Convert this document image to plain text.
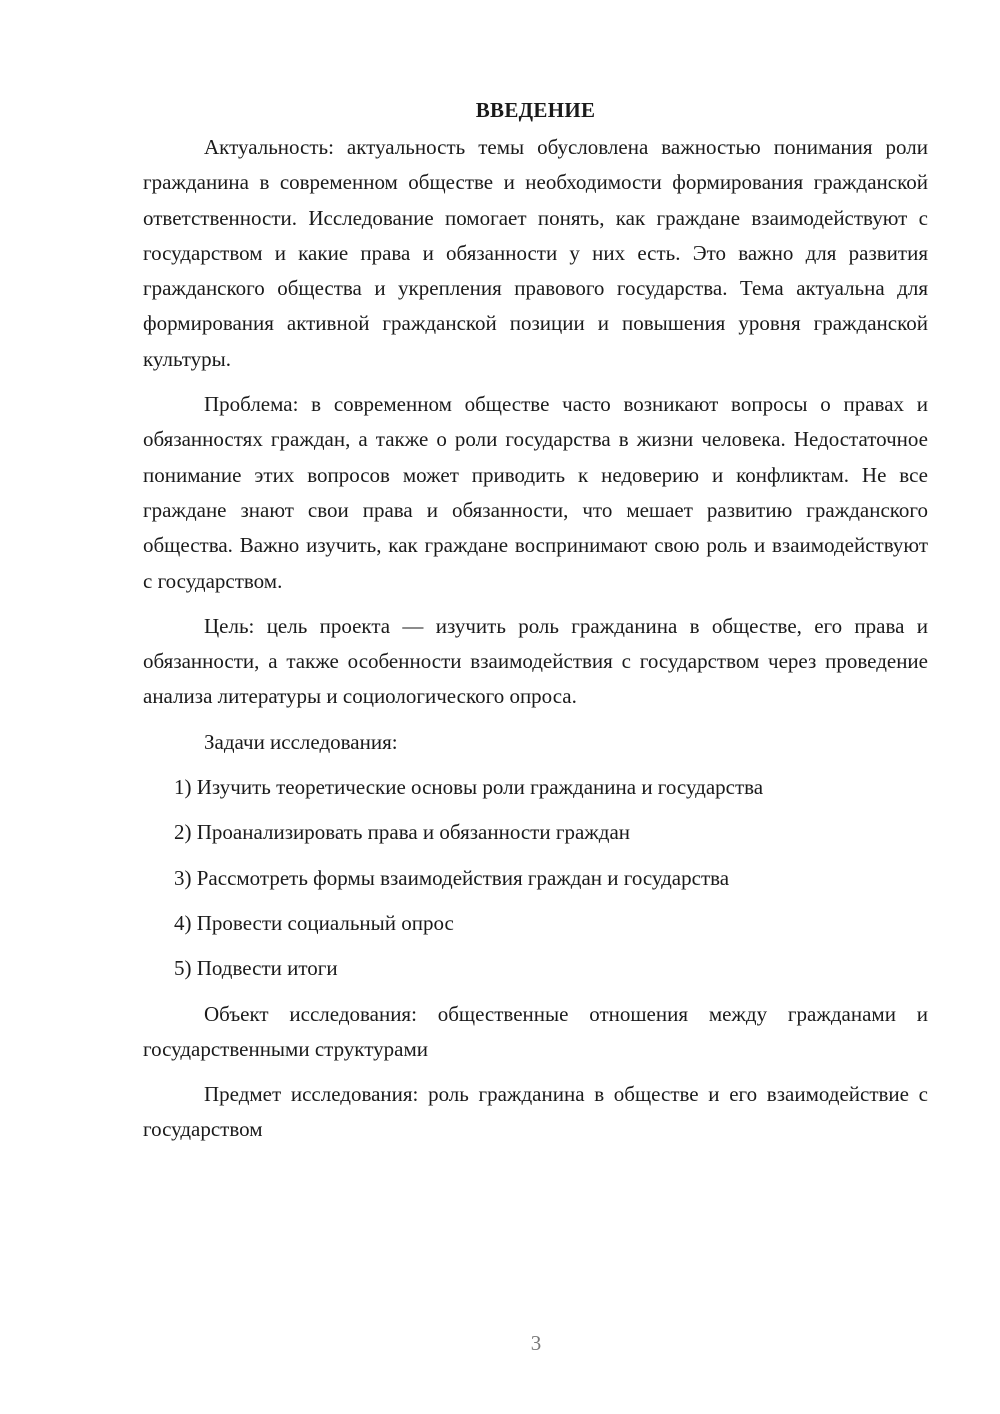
ВВЕДЕНИЕ

Актуальность: актуальность темы обусловлена важностью понимания роли гражданина в современном обществе и необходимости формирования гражданской ответственности. Исследование помогает понять, как граждане взаимодействуют с государством и какие права и обязанности у них есть. Это важно для развития гражданского общества и укрепления правового государства. Тема актуальна для формирования активной гражданской позиции и повышения уровня гражданской культуры.

Проблема: в современном обществе часто возникают вопросы о правах и обязанностях граждан, а также о роли государства в жизни человека. Недостаточное понимание этих вопросов может приводить к недоверию и конфликтам. Не все граждане знают свои права и обязанности, что мешает развитию гражданского общества. Важно изучить, как граждане воспринимают свою роль и взаимодействуют с государством.

Цель: цель проекта — изучить роль гражданина в обществе, его права и обязанности, а также особенности взаимодействия с государством через проведение анализа литературы и социологического опроса.

Задачи исследования:

1) Изучить теоретические основы роли гражданина и государства

2) Проанализировать права и обязанности граждан

3) Рассмотреть формы взаимодействия граждан и государства

4) Провести социальный опрос

5) Подвести итоги

Объект исследования: общественные отношения между гражданами и государственными структурами

Предмет исследования: роль гражданина в обществе и его взаимодействие с государством

3
